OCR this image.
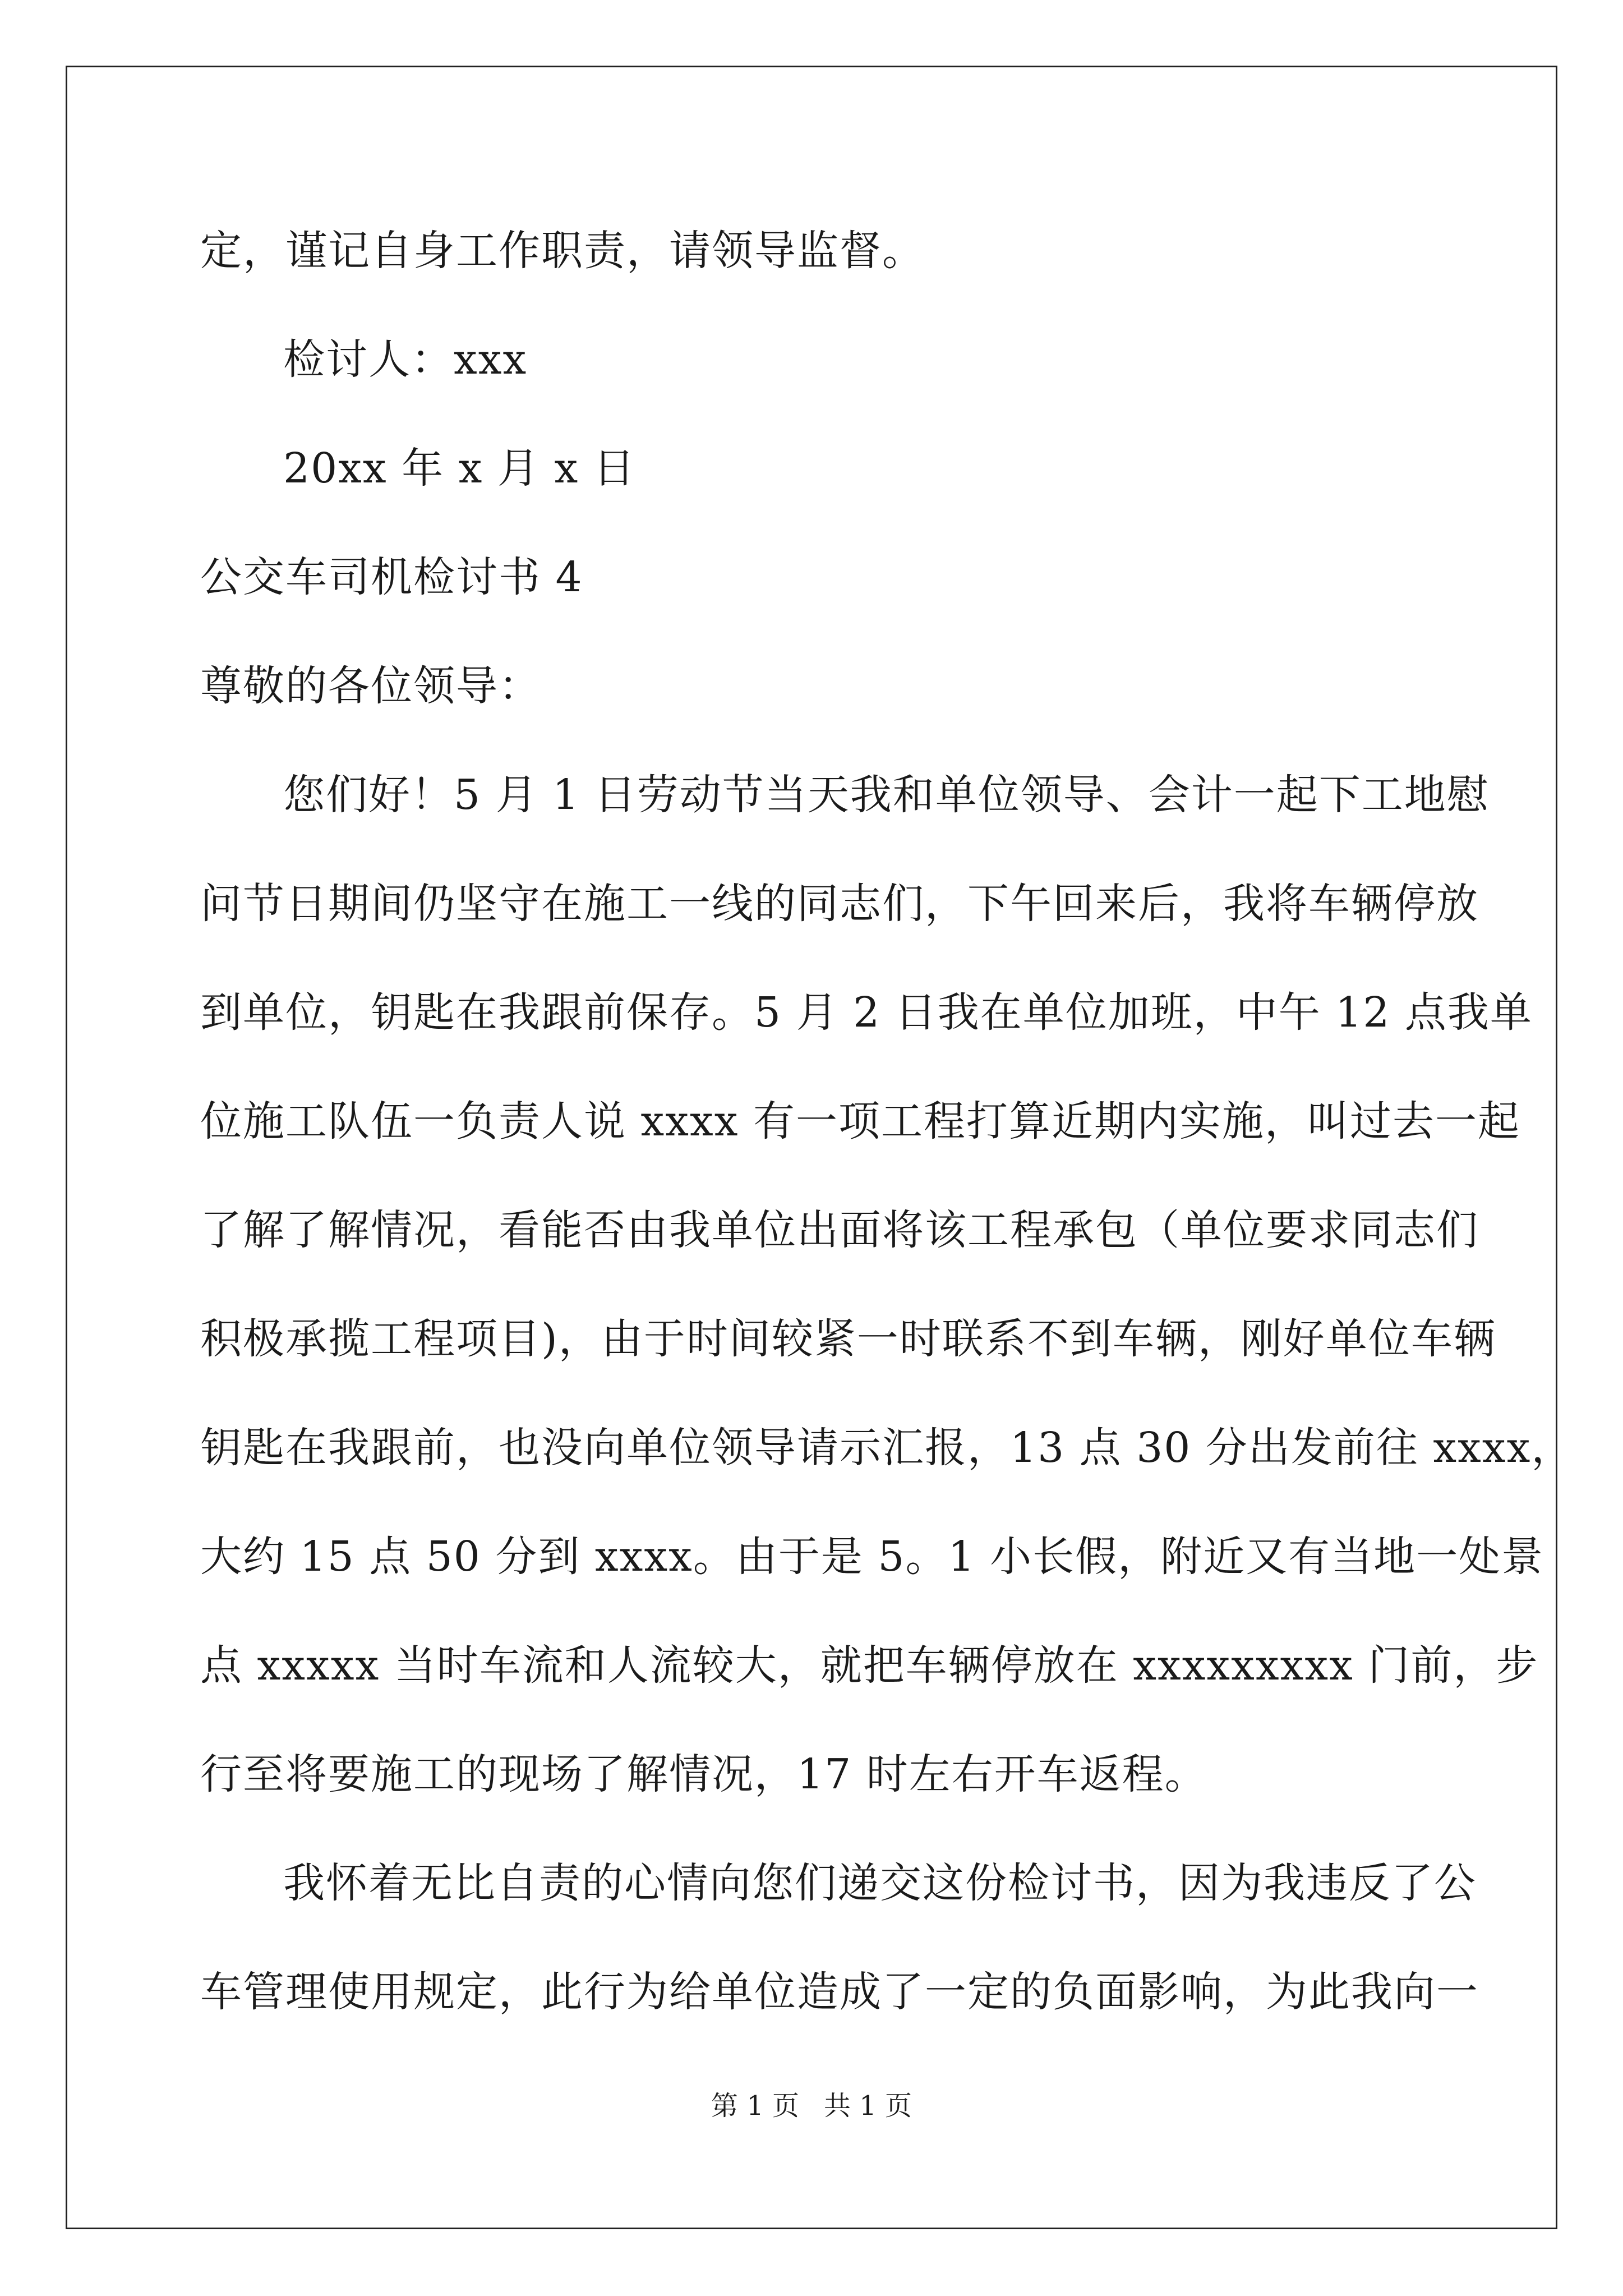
定，谨记自身工作职责，请领导监督。
检讨人：xxx
20xx 年 x 月 x 日
公交车司机检讨书 4
尊敬的各位领导：
您们好！5 月 1 日劳动节当天我和单位领导、会计一起下工地慰
问节日期间仍坚守在施工一线的同志们，下午回来后，我将车辆停放
到单位，钥匙在我跟前保存。5 月 2 日我在单位加班，中午 12 点我单
位施工队伍一负责人说 xxxx 有一项工程打算近期内实施，叫过去一起
了解了解情况，看能否由我单位出面将该工程承包（单位要求同志们
积极承揽工程项目)，由于时间较紧一时联系不到车辆，刚好单位车辆
钥匙在我跟前，也没向单位领导请示汇报，13 点 30 分出发前往 xxxx，
大约 15 点 50 分到 xxxx。由于是 5。1 小长假，附近又有当地一处景
点 xxxxx 当时车流和人流较大，就把车辆停放在 xxxxxxxxx 门前，步
行至将要施工的现场了解情况，17 时左右开车返程。
我怀着无比自责的心情向您们递交这份检讨书，因为我违反了公
车管理使用规定，此行为给单位造成了一定的负面影响，为此我向一
第 1 页 共 1 页
